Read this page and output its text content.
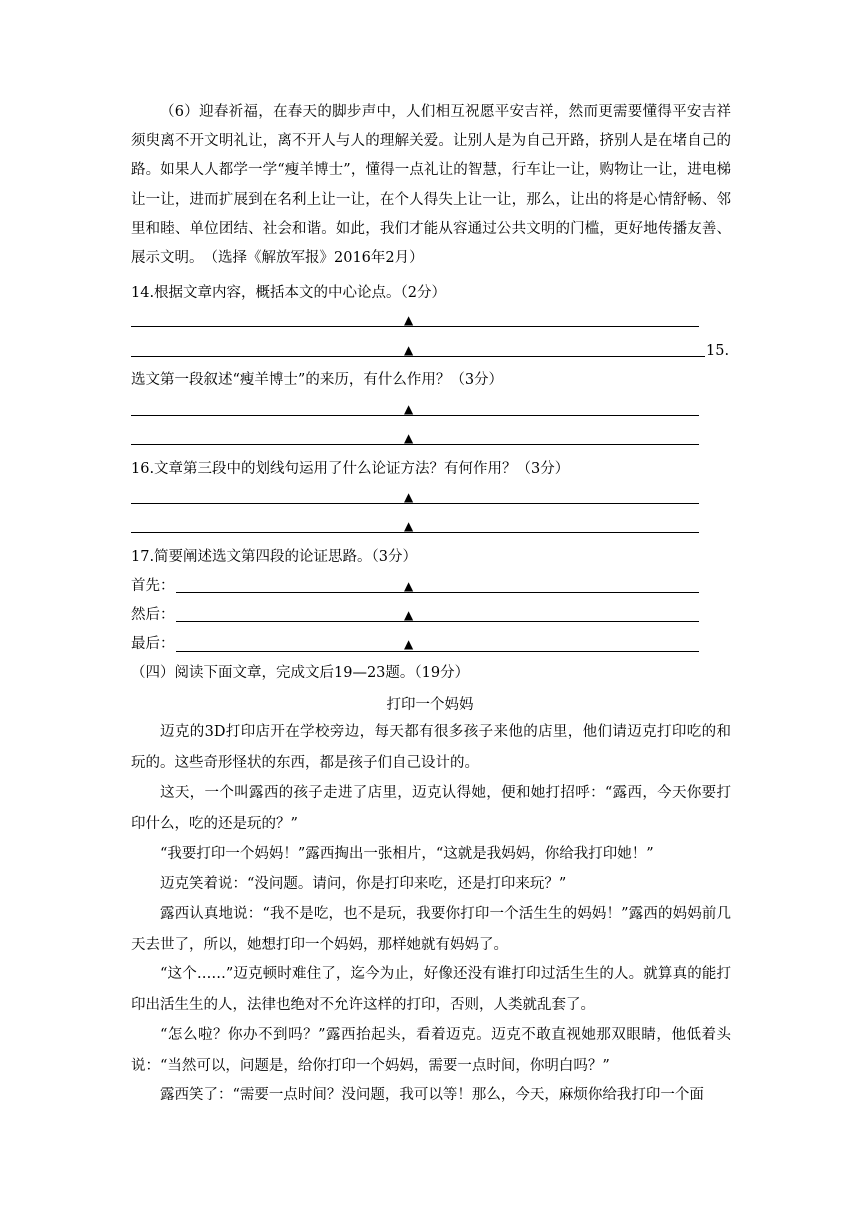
（6）迎春祈福，在春天的脚步声中，人们相互祝愿平安吉祥，然而更需要懂得平安吉祥须臾离不开文明礼让，离不开人与人的理解关爱。让别人是为自己开路，挤别人是在堵自己的路。如果人人都学一学“瘦羊博士”，懂得一点礼让的智慧，行车让一让，购物让一让，进电梯让一让，进而扩展到在名利上让一让，在个人得失上让一让，那么，让出的将是心情舒畅、邻里和睦、单位团结、社会和谐。如此，我们才能从容通过公共文明的门槛，更好地传播友善、展示文明。　（选择《解放军报》2016年2月）
14.根据文章内容，概括本文的中心论点。（2分）
▲
▲	15.
选文第一段叙述“瘦羊博士”的来历，有什么作用？（3分）
▲
▲
16.文章第三段中的划线句运用了什么论证方法？有何作用？（3分）
▲
▲
17.简要阐述选文第四段的论证思路。（3分）
首先：	▲
然后：	▲
最后：	▲
（四）阅读下面文章，完成文后19—23题。（19分）
打印一个妈妈
迈克的3D打印店开在学校旁边，每天都有很多孩子来他的店里，他们请迈克打印吃的和玩的。这些奇形怪状的东西，都是孩子们自己设计的。
这天，一个叫露西的孩子走进了店里，迈克认得她，便和她打招呼：“露西，今天你要打印什么，吃的还是玩的？”
“我要打印一个妈妈！”露西掏出一张相片，“这就是我妈妈，你给我打印她！”
迈克笑着说：“没问题。请问，你是打印来吃，还是打印来玩？”
露西认真地说：“我不是吃，也不是玩，我要你打印一个活生生的妈妈！”露西的妈妈前几天去世了，所以，她想打印一个妈妈，那样她就有妈妈了。
“这个……”迈克顿时难住了，迄今为止，好像还没有谁打印过活生生的人。就算真的能打印出活生生的人，法律也绝对不允许这样的打印，否则，人类就乱套了。
“怎么啦？你办不到吗？”露西抬起头，看着迈克。迈克不敢直视她那双眼睛，他低着头说：“当然可以，问题是，给你打印一个妈妈，需要一点时间，你明白吗？”
露西笑了：“需要一点时间？没问题，我可以等！那么，今天，麻烦你给我打印一个面
